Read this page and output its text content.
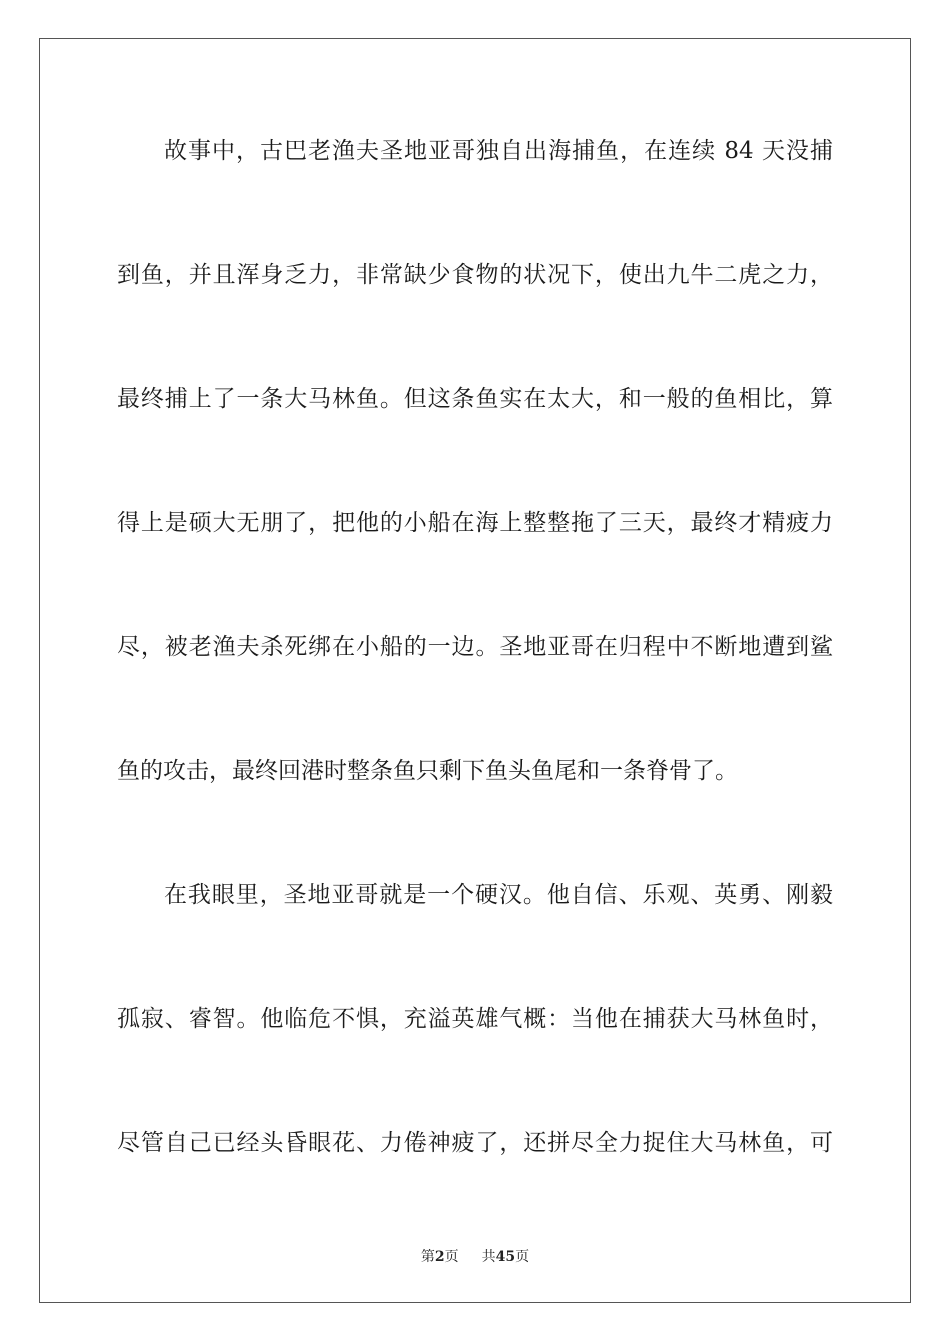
故事中，古巴老渔夫圣地亚哥独自出海捕鱼，在连续 84 天没捕
到鱼，并且浑身乏力，非常缺少食物的状况下，使出九牛二虎之力，
最终捕上了一条大马林鱼。但这条鱼实在太大，和一般的鱼相比，算
得上是硕大无朋了，把他的小船在海上整整拖了三天，最终才精疲力
尽，被老渔夫杀死绑在小船的一边。圣地亚哥在归程中不断地遭到鲨
鱼的攻击，最终回港时整条鱼只剩下鱼头鱼尾和一条脊骨了。
在我眼里，圣地亚哥就是一个硬汉。他自信、乐观、英勇、刚毅
孤寂、睿智。他临危不惧，充溢英雄气概：当他在捕获大马林鱼时，
尽管自己已经头昏眼花、力倦神疲了，还拼尽全力捉住大马林鱼，可
第2页 共45页
